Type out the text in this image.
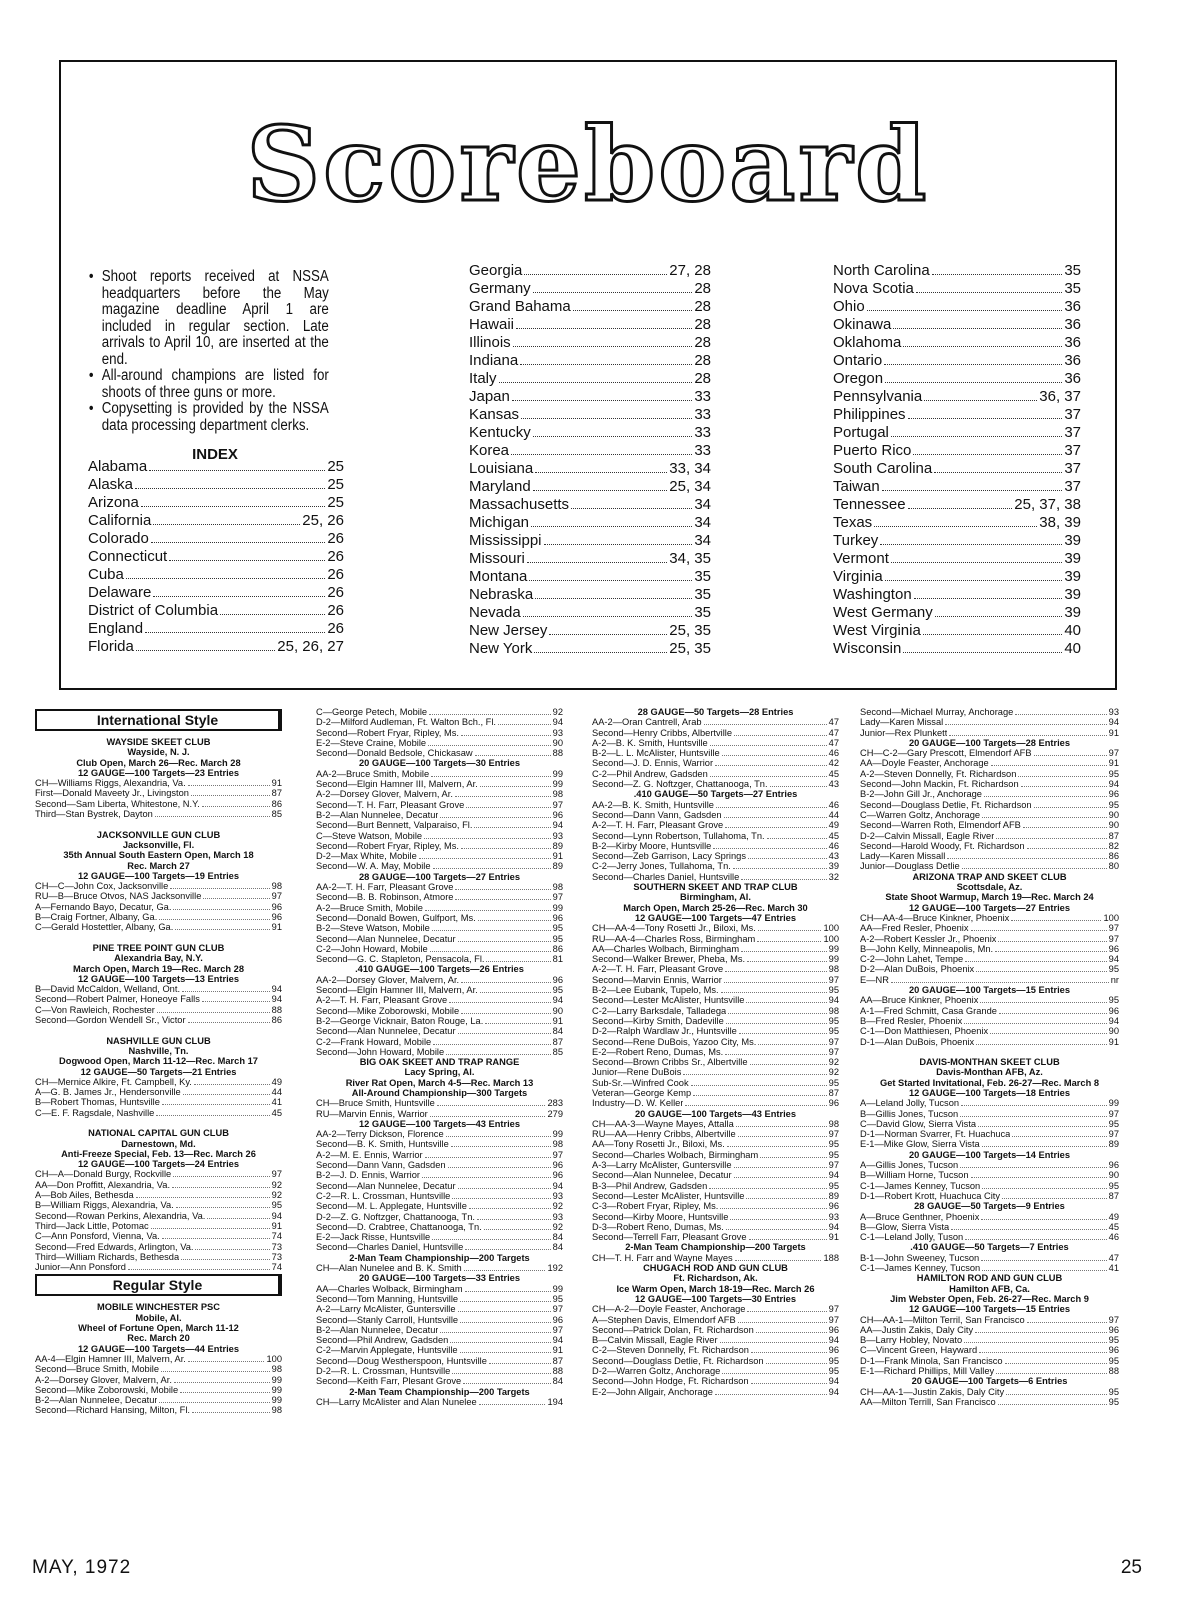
Scoreboard
• Shoot reports received at NSSA headquarters before the May magazine deadline April 1 are included in regular section. Late arrivals to April 10, are inserted at the end.
• All-around champions are listed for shoots of three guns or more.
• Copysetting is provided by the NSSA data processing department clerks.
INDEX
Alabama	25
Alaska	25
Arizona	25
California	25, 26
Colorado	26
Connecticut	26
Cuba	26
Delaware	26
District of Columbia	26
England	26
Florida	25, 26, 27
Georgia	27, 28
Germany	28
Grand Bahama	28
Hawaii	28
Illinois	28
Indiana	28
Italy	28
Japan	33
Kansas	33
Kentucky	33
Korea	33
Louisiana	33, 34
Maryland	25, 34
Massachusetts	34
Michigan	34
Mississippi	34
Missouri	34, 35
Montana	35
Nebraska	35
Nevada	35
New Jersey	25, 35
New York	25, 35
North Carolina	35
Nova Scotia	35
Ohio	36
Okinawa	36
Oklahoma	36
Ontario	36
Oregon	36
Pennsylvania	36, 37
Philippines	37
Portugal	37
Puerto Rico	37
South Carolina	37
Taiwan	37
Tennessee	25, 37, 38
Texas	38, 39
Turkey	39
Vermont	39
Virginia	39
Washington	39
West Germany	39
West Virginia	40
Wisconsin	40
International Style
WAYSIDE SKEET CLUB
Wayside, N. J.
Club Open, March 26—Rec. March 28
12 GAUGE—100 Targets—23 Entries
CH—Williams Riggs, Alexandria, Va.	91
First—Donald Maveety Jr., Livingston	87
Second—Sam Liberta, Whitestone, N.Y.	86
Third—Stan Bystrek, Dayton	85
JACKSONVILLE GUN CLUB
Jacksonville, Fl.
35th Annual South Eastern Open, March 18
Rec. March 27
12 GAUGE—100 Targets—19 Entries
CH—C—John Cox, Jacksonville	98
RU—B—Bruce Otvos, NAS Jacksonville	97
A—Fernando Bayo, Decatur, Ga.	96
B—Craig Fortner, Albany, Ga.	96
C—Gerald Hostettler, Albany, Ga.	91
PINE TREE POINT GUN CLUB
Alexandria Bay, N.Y.
March Open, March 19—Rec. March 28
12 GAUGE—100 Targets—13 Entries
B—David McCaldon, Welland, Ont.	94
Second—Robert Palmer, Honeoye Falls	94
C—Von Rawleich, Rochester	88
Second—Gordon Wendell Sr., Victor	86
NASHVILLE GUN CLUB
Nashville, Tn.
Dogwood Open, March 11-12—Rec. March 17
12 GAUGE—50 Targets—21 Entries
CH—Mernice Alkire, Ft. Campbell, Ky.	49
A—G. B. James Jr., Hendersonville	44
B—Robert Thomas, Huntsville	41
C—E. F. Ragsdale, Nashville	45
NATIONAL CAPITAL GUN CLUB
Darnestown, Md.
Anti-Freeze Special, Feb. 13—Rec. March 26
12 GAUGE—100 Targets—24 Entries
CH—A—Donald Burgy, Rockville	97
AA—Don Proffitt, Alexandria, Va.	92
A—Bob Ailes, Bethesda	92
B—William Riggs, Alexandria, Va.	95
Second—Rowan Perkins, Alexandria, Va.	94
Third—Jack Little, Potomac	91
C—Ann Ponsford, Vienna, Va.	74
Second—Fred Edwards, Arlington, Va.	73
Third—William Richards, Bethesda	73
Junior—Ann Ponsford	74
Regular Style
MOBILE WINCHESTER PSC
Mobile, Al.
Wheel of Fortune Open, March 11-12
Rec. March 20
12 GAUGE—100 Targets—44 Entries
AA-4—Elgin Hamner III, Malvern, Ar.	100
Second—Bruce Smith, Mobile	98
A-2—Dorsey Glover, Malvern, Ar.	99
Second—Mike Zoborowski, Mobile	99
B-2—Alan Nunnelee, Decatur	99
Second—Richard Hansing, Milton, Fl.	98
C—George Petech, Mobile	92
D-2—Milford Audleman, Ft. Walton Bch., Fl.	94
Second—Robert Fryar, Ripley, Ms.	93
E-2—Steve Craine, Mobile	90
Second—Donald Bedsole, Chickasaw	88
20 GAUGE—100 Targets—30 Entries
AA-2—Bruce Smith, Mobile	99
Second—Elgin Hamner III, Malvern, Ar.	99
A-2—Dorsey Glover, Malvern, Ar.	98
Second—T. H. Farr, Pleasant Grove	97
B-2—Alan Nunnelee, Decatur	96
Second—Burt Bennett, Valparaiso, Fl.	94
C—Steve Watson, Mobile	93
Second—Robert Fryar, Ripley, Ms.	89
D-2—Max White, Mobile	91
Second—W. A. May, Mobile	89
28 GAUGE—100 Targets—27 Entries
AA-2—T. H. Farr, Pleasant Grove	98
Second—B. B. Robinson, Atmore	97
A-2—Bruce Smith, Mobile	99
Second—Donald Bowen, Gulfport, Ms.	96
B-2—Steve Watson, Mobile	95
Second—Alan Nunnelee, Decatur	95
C-2—John Howard, Mobile	86
Second—G. C. Stapleton, Pensacola, Fl.	81
.410 GAUGE—100 Targets—26 Entries
AA-2—Dorsey Glover, Malvern, Ar.	96
Second—Elgin Hamner III, Malvern, Ar.	95
A-2—T. H. Farr, Pleasant Grove	94
Second—Mike Zoborowski, Mobile	90
B-2—George Vicknair, Baton Rouge, La.	91
Second—Alan Nunnelee, Decatur	84
C-2—Frank Howard, Mobile	87
Second—John Howard, Mobile	85
BIG OAK SKEET AND TRAP RANGE
Lacy Spring, Al.
River Rat Open, March 4-5—Rec. March 13
All-Around Championship—300 Targets
CH—Bruce Smith, Huntsville	283
RU—Marvin Ennis, Warrior	279
12 GAUGE—100 Targets—43 Entries
AA-2—Terry Dickson, Florence	99
Second—B. K. Smith, Huntsville	98
A-2—M. E. Ennis, Warrior	97
Second—Dann Vann, Gadsden	96
B-2—J. D. Ennis, Warrior	96
Second—Alan Nunnelee, Decatur	94
C-2—R. L. Crossman, Huntsville	93
Second—M. L. Applegate, Huntsville	92
D-2—Z. G. Noftzger, Chattanooga, Tn.	93
Second—D. Crabtree, Chattanooga, Tn.	92
E-2—Jack Risse, Huntsville	84
Second—Charles Daniel, Huntsville	84
2-Man Team Championship—200 Targets
CH—Alan Nunelee and B. K. Smith	192
20 GAUGE—100 Targets—33 Entries
AA—Charles Wolback, Birmingham	99
Second—Tom Manning, Huntsville	95
A-2—Larry McAlister, Guntersville	97
Second—Stanly Carroll, Huntsville	96
B-2—Alan Nunnelee, Decatur	97
Second—Phil Andrew, Gadsden	94
C-2—Marvin Applegate, Huntsville	91
Second—Doug Westherspoon, Huntsville	87
D-2—R. L. Crossman, Huntsville	88
Second—Keith Farr, Plesant Grove	84
2-Man Team Championship—200 Targets
CH—Larry McAlister and Alan Nunelee	194
28 GAUGE—50 Targets—28 Entries
AA-2—Oran Cantrell, Arab	47
Second—Henry Cribbs, Albertville	47
A-2—B. K. Smith, Huntsville	47
B-2—L. L. McAlister, Huntsville	46
Second—J. D. Ennis, Warrior	42
C-2—Phil Andrew, Gadsden	45
Second—Z. G. Noftzger, Chattanooga, Tn.	43
.410 GAUGE—50 Targets—27 Entries
AA-2—B. K. Smith, Huntsville	46
Second—Dann Vann, Gadsden	44
A-2—T. H. Farr, Pleasant Grove	49
Second—Lynn Robertson, Tullahoma, Tn.	45
B-2—Kirby Moore, Huntsville	46
Second—Zeb Garrison, Lacy Springs	43
C-2—Jerry Jones, Tullahoma, Tn.	39
Second—Charles Daniel, Huntsville	32
SOUTHERN SKEET AND TRAP CLUB
Birmingham, Al.
March Open, March 25-26—Rec. March 30
12 GAUGE—100 Targets—47 Entries
CH—AA-4—Tony Rosetti Jr., Biloxi, Ms.	100
RU—AA-4—Charles Ross, Birmingham	100
AA—Charles Wolbach, Birmingham	99
Second—Walker Brewer, Pheba, Ms.	99
A-2—T. H. Farr, Pleasant Grove	98
Second—Marvin Ennis, Warrior	97
B-2—Lee Eubank, Tupelo, Ms.	95
Second—Lester McAlister, Huntsville	94
C-2—Larry Barksdale, Talladega	98
Second—Kirby Smith, Dadeville	95
D-2—Ralph Wardlaw Jr., Huntsville	95
Second—Rene DuBois, Yazoo City, Ms.	97
E-2—Robert Reno, Dumas, Ms.	97
Second—Brown Cribbs Sr., Albertville	92
Junior—Rene DuBois	92
Sub-Sr.—Winfred Cook	95
Veteran—George Kemp	87
Industry—D. W. Keller	96
20 GAUGE—100 Targets—43 Entries
CH—AA-3—Wayne Mayes, Attalla	98
RU—AA—Henry Cribbs, Albertville	97
AA—Tony Rosetti Jr., Biloxi, Ms.	95
Second—Charles Wolbach, Birmingham	95
A-3—Larry McAlister, Guntersville	97
Second—Alan Nunnelee, Decatur	94
B-3—Phil Andrew, Gadsden	95
Second—Lester McAlister, Huntsville	89
C-3—Robert Fryar, Ripley, Ms.	96
Second—Kirby Moore, Huntsville	93
D-3—Robert Reno, Dumas, Ms.	94
Second—Terrell Farr, Pleasant Grove	91
2-Man Team Championship—200 Targets
CH—T. H. Farr and Wayne Mayes	188
CHUGACH ROD AND GUN CLUB
Ft. Richardson, Ak.
Ice Warm Open, March 18-19—Rec. March 26
12 GAUGE—100 Targets—30 Entries
CH—A-2—Doyle Feaster, Anchorage	97
A—Stephen Davis, Elmendorf AFB	97
Second—Patrick Dolan, Ft. Richardson	96
B—Calvin Missall, Eagle River	94
C-2—Steven Donnelly, Ft. Richardson	96
Second—Douglass Detlie, Ft. Richardson	95
D-2—Warren Goltz, Anchorage	95
Second—John Hodge, Ft. Richardson	94
E-2—John Allgair, Anchorage	94
Second—Michael Murray, Anchorage	93
Lady—Karen Missal	94
Junior—Rex Plunkett	91
20 GAUGE—100 Targets—28 Entries
CH—C-2—Gary Prescott, Elmendorf AFB	97
AA—Doyle Feaster, Anchorage	91
A-2—Steven Donnelly, Ft. Richardson	95
Second—John Mackin, Ft. Richardson	94
B-2—John Gill Jr., Anchorage	96
Second—Douglass Detlie, Ft. Richardson	95
C—Warren Goltz, Anchorage	90
Second—Warren Roth, Elmendorf AFB	90
D-2—Calvin Missall, Eagle River	87
Second—Harold Woody, Ft. Richardson	82
Lady—Karen Missall	86
Junior—Douglass Detlie	80
ARIZONA TRAP AND SKEET CLUB
Scottsdale, Az.
State Shoot Warmup, March 19—Rec. March 24
12 GAUGE—100 Targets—27 Entries
CH—AA-4—Bruce Kinkner, Phoenix	100
AA—Fred Resler, Phoenix	97
A-2—Robert Kessler Jr., Phoenix	97
B—John Kelly, Minneapolis, Mn.	96
C-2—John Lahet, Tempe	94
D-2—Alan DuBois, Phoenix	95
E—NR	nr
20 GAUGE—100 Targets—15 Entries
AA—Bruce Kinkner, Phoenix	95
A-1—Fred Schmitt, Casa Grande	96
B—Fred Resler, Phoenix	94
C-1—Don Matthiesen, Phoenix	90
D-1—Alan DuBois, Phoenix	91
DAVIS-MONTHAN SKEET CLUB
Davis-Monthan AFB, Az.
Get Started Invitational, Feb. 26-27—Rec. March 8
12 GAUGE—100 Targets—18 Entries
A—Leland Jolly, Tucson	99
B—Gillis Jones, Tucson	97
C—David Glow, Sierra Vista	95
D-1—Norman Svarrer, Ft. Huachuca	97
E-1—Mike Glow, Sierra Vista	89
20 GAUGE—100 Targets—14 Entries
A—Gillis Jones, Tucson	96
B—William Horne, Tucson	90
C-1—James Kenney, Tucson	95
D-1—Robert Krott, Huachuca City	87
28 GAUGE—50 Targets—9 Entries
A—Bruce Genthner, Phoenix	49
B—Glow, Sierra Vista	45
C-1—Leland Jolly, Tuson	46
.410 GAUGE—50 Targets—7 Entries
B-1—John Sweeney, Tucson	47
C-1—James Kenney, Tucson	41
HAMILTON ROD AND GUN CLUB
Hamilton AFB, Ca.
Jim Webster Open, Feb. 26-27—Rec. March 9
12 GAUGE—100 Targets—15 Entries
CH—AA-1—Milton Terril, San Francisco	97
AA—Justin Zakis, Daly City	96
B—Larry Hobley, Novato	95
C—Vincent Green, Hayward	96
D-1—Frank Minola, San Francisco	95
E-1—Richard Phillips, Mill Valley	88
20 GAUGE—100 Targets—6 Entries
CH—AA-1—Justin Zakis, Daly City	95
AA—Milton Terrill, San Francisco	95
MAY, 1972	25
